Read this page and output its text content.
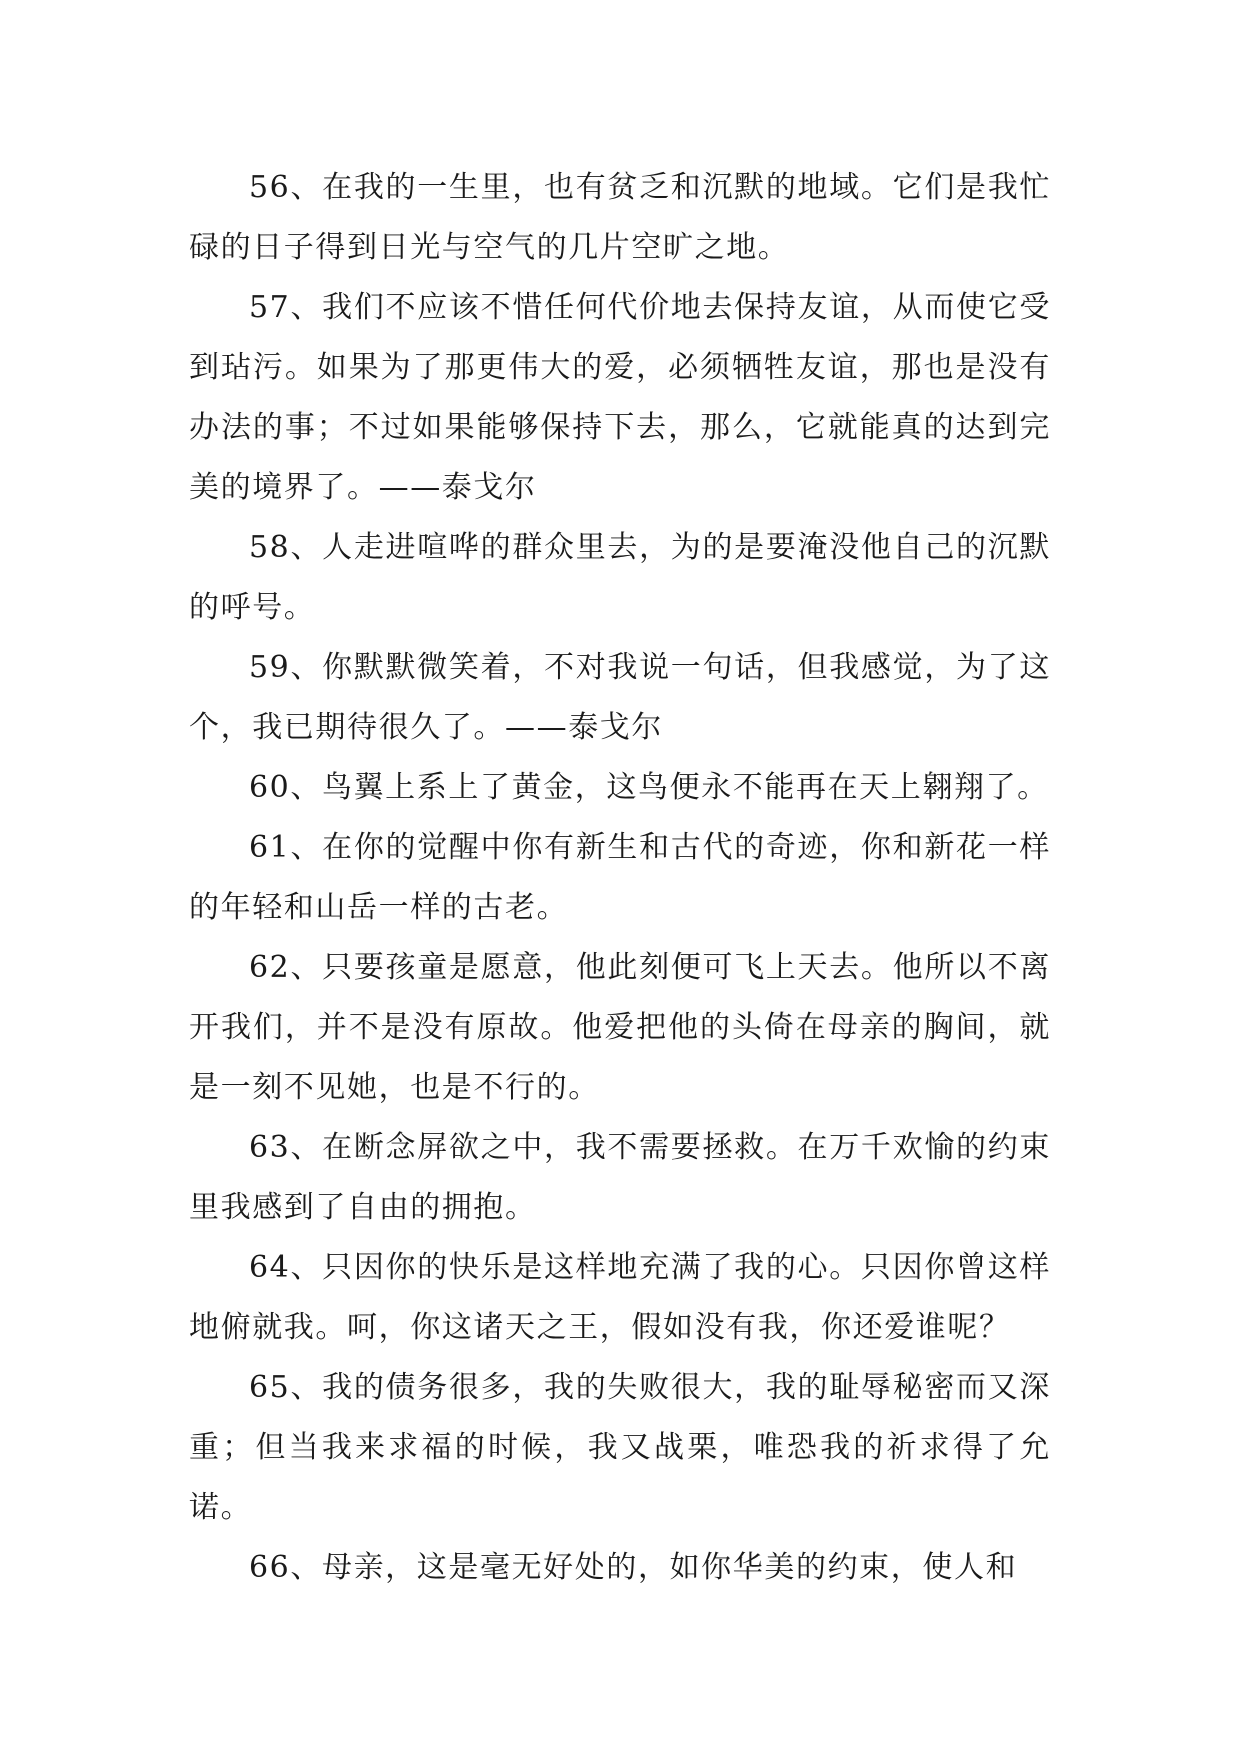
56、在我的一生里，也有贫乏和沉默的地域。它们是我忙碌的日子得到日光与空气的几片空旷之地。

57、我们不应该不惜任何代价地去保持友谊，从而使它受到玷污。如果为了那更伟大的爱，必须牺牲友谊，那也是没有办法的事；不过如果能够保持下去，那么，它就能真的达到完美的境界了。——泰戈尔

58、人走进喧哗的群众里去，为的是要淹没他自己的沉默的呼号。

59、你默默微笑着，不对我说一句话，但我感觉，为了这个，我已期待很久了。——泰戈尔

60、鸟翼上系上了黄金，这鸟便永不能再在天上翱翔了。

61、在你的觉醒中你有新生和古代的奇迹，你和新花一样的年轻和山岳一样的古老。

62、只要孩童是愿意，他此刻便可飞上天去。他所以不离开我们，并不是没有原故。他爱把他的头倚在母亲的胸间，就是一刻不见她，也是不行的。

63、在断念屏欲之中，我不需要拯救。在万千欢愉的约束里我感到了自由的拥抱。

64、只因你的快乐是这样地充满了我的心。只因你曾这样地俯就我。呵，你这诸天之王，假如没有我，你还爱谁呢？

65、我的债务很多，我的失败很大，我的耻辱秘密而又深重；但当我来求福的时候，我又战栗，唯恐我的祈求得了允诺。

66、母亲，这是毫无好处的，如你华美的约束，使人和
